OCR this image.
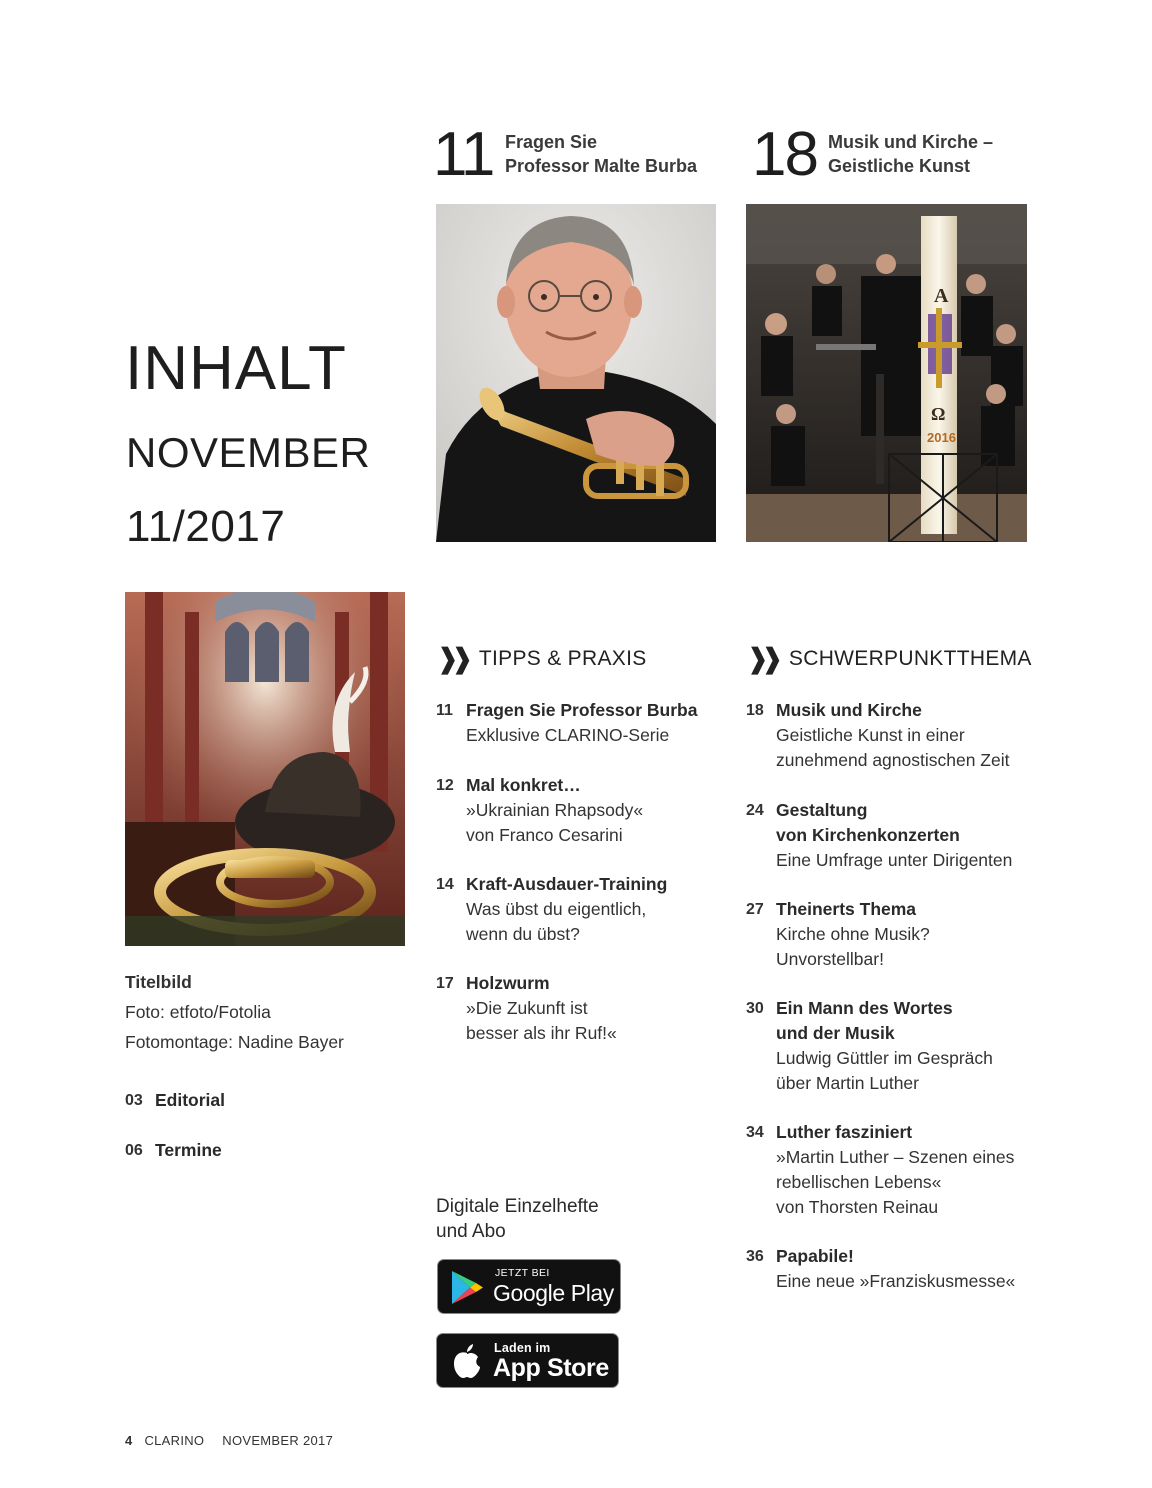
11 Fragen Sie
Professor Malte Burba 18 Musik und Kirche –
Geistliche Kunst
A
Ω
2016
INHALT
NOVEMBER
11/2017
Titelbild
Foto: etfoto/Fotolia
Fotomontage: Nadine Bayer
03 Editorial
06 Termine
❱❱ TIPPS & PRAXIS
11 Fragen Sie Professor Burba
Exklusive CLARINO-Serie
12 Mal konkret…
»Ukrainian Rhapsody«
von Franco Cesarini
14 Kraft-Ausdauer-Training
Was übst du eigentlich,
wenn du übst?
17 Holzwurm
»Die Zukunft ist
besser als ihr Ruf!«
❱❱ SCHWERPUNKTTHEMA
18 Musik und Kirche
Geistliche Kunst in einer
zunehmend agnostischen Zeit
24 Gestaltung
von Kirchenkonzerten
Eine Umfrage unter Dirigenten
27 Theinerts Thema
Kirche ohne Musik?
Unvorstellbar!
30 Ein Mann des Wortes
und der Musik
Ludwig Güttler im Gespräch
über Martin Luther
34 Luther fasziniert
»Martin Luther – Szenen eines
rebellischen Lebens«
von Thorsten Reinau
36 Papabile!
Eine neue »Franziskusmesse«
Digitale Einzelhefte
und Abo
JETZT BEI
Google Play
Laden im
App Store
4 CLARINO NOVEMBER 2017
